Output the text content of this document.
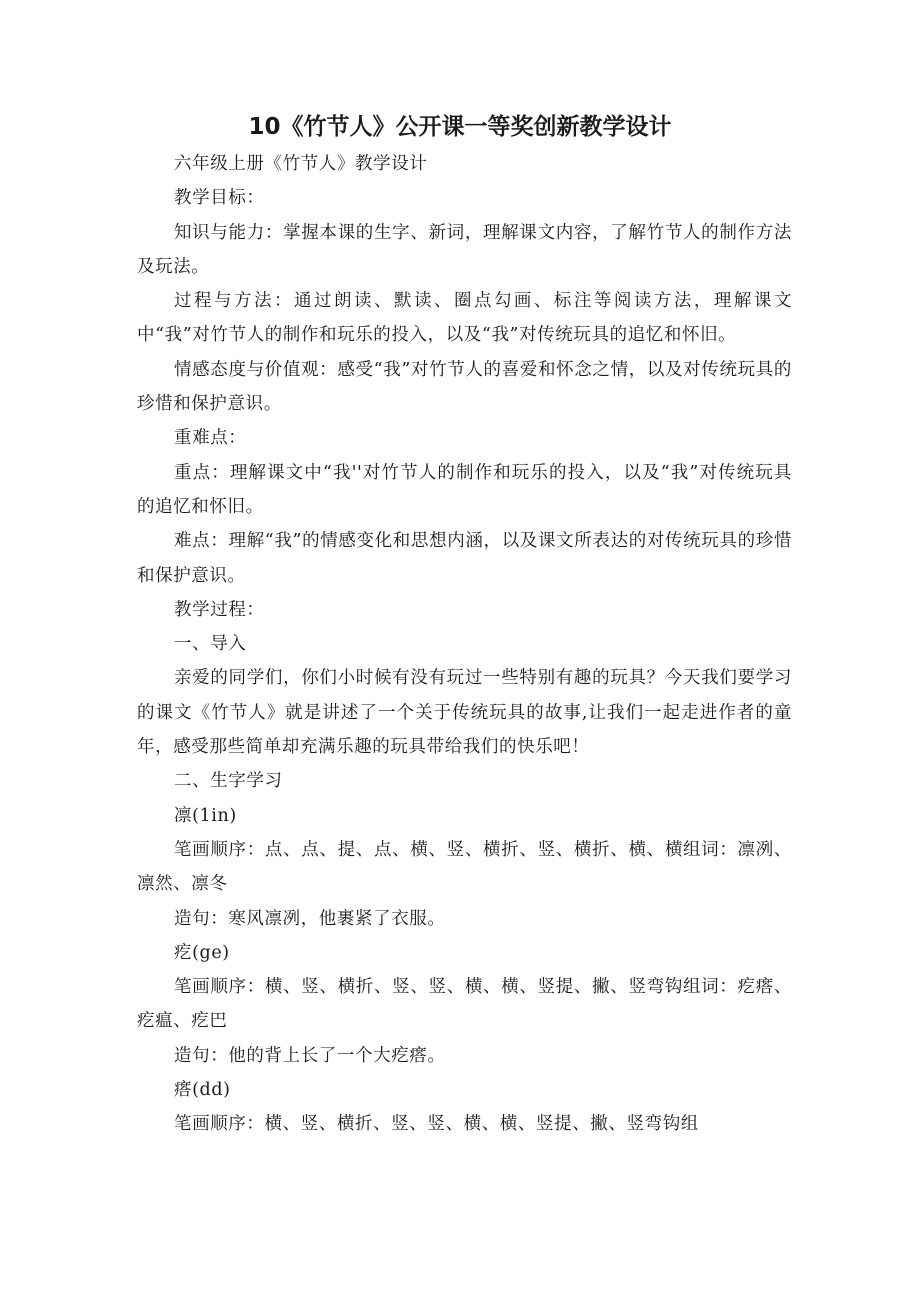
10《竹节人》公开课一等奖创新教学设计

六年级上册《竹节人》教学设计

教学目标：

知识与能力：掌握本课的生字、新词，理解课文内容，了解竹节人的制作方法及玩法。

过程与方法：通过朗读、默读、圈点勾画、标注等阅读方法，理解课文中“我”对竹节人的制作和玩乐的投入，以及“我”对传统玩具的追忆和怀旧。

情感态度与价值观：感受“我”对竹节人的喜爱和怀念之情，以及对传统玩具的珍惜和保护意识。

重难点：

重点：理解课文中“我''对竹节人的制作和玩乐的投入，以及“我”对传统玩具的追忆和怀旧。

难点：理解“我”的情感变化和思想内涵，以及课文所表达的对传统玩具的珍惜和保护意识。

教学过程：

一、导入

亲爱的同学们，你们小时候有没有玩过一些特别有趣的玩具？今天我们要学习的课文《竹节人》就是讲述了一个关于传统玩具的故事,让我们一起走进作者的童年，感受那些简单却充满乐趣的玩具带给我们的快乐吧！

二、生字学习

凛(1in)

笔画顺序：点、点、提、点、横、竖、横折、竖、横折、横、横组词：凛冽、凛然、凛冬

造句：寒风凛冽，他裹紧了衣服。

疙(ge)

笔画顺序：横、竖、横折、竖、竖、横、横、竖提、撇、竖弯钩组词：疙瘩、疙瘟、疙巴

造句：他的背上长了一个大疙瘩。

瘩(dd)

笔画顺序：横、竖、横折、竖、竖、横、横、竖提、撇、竖弯钩组
